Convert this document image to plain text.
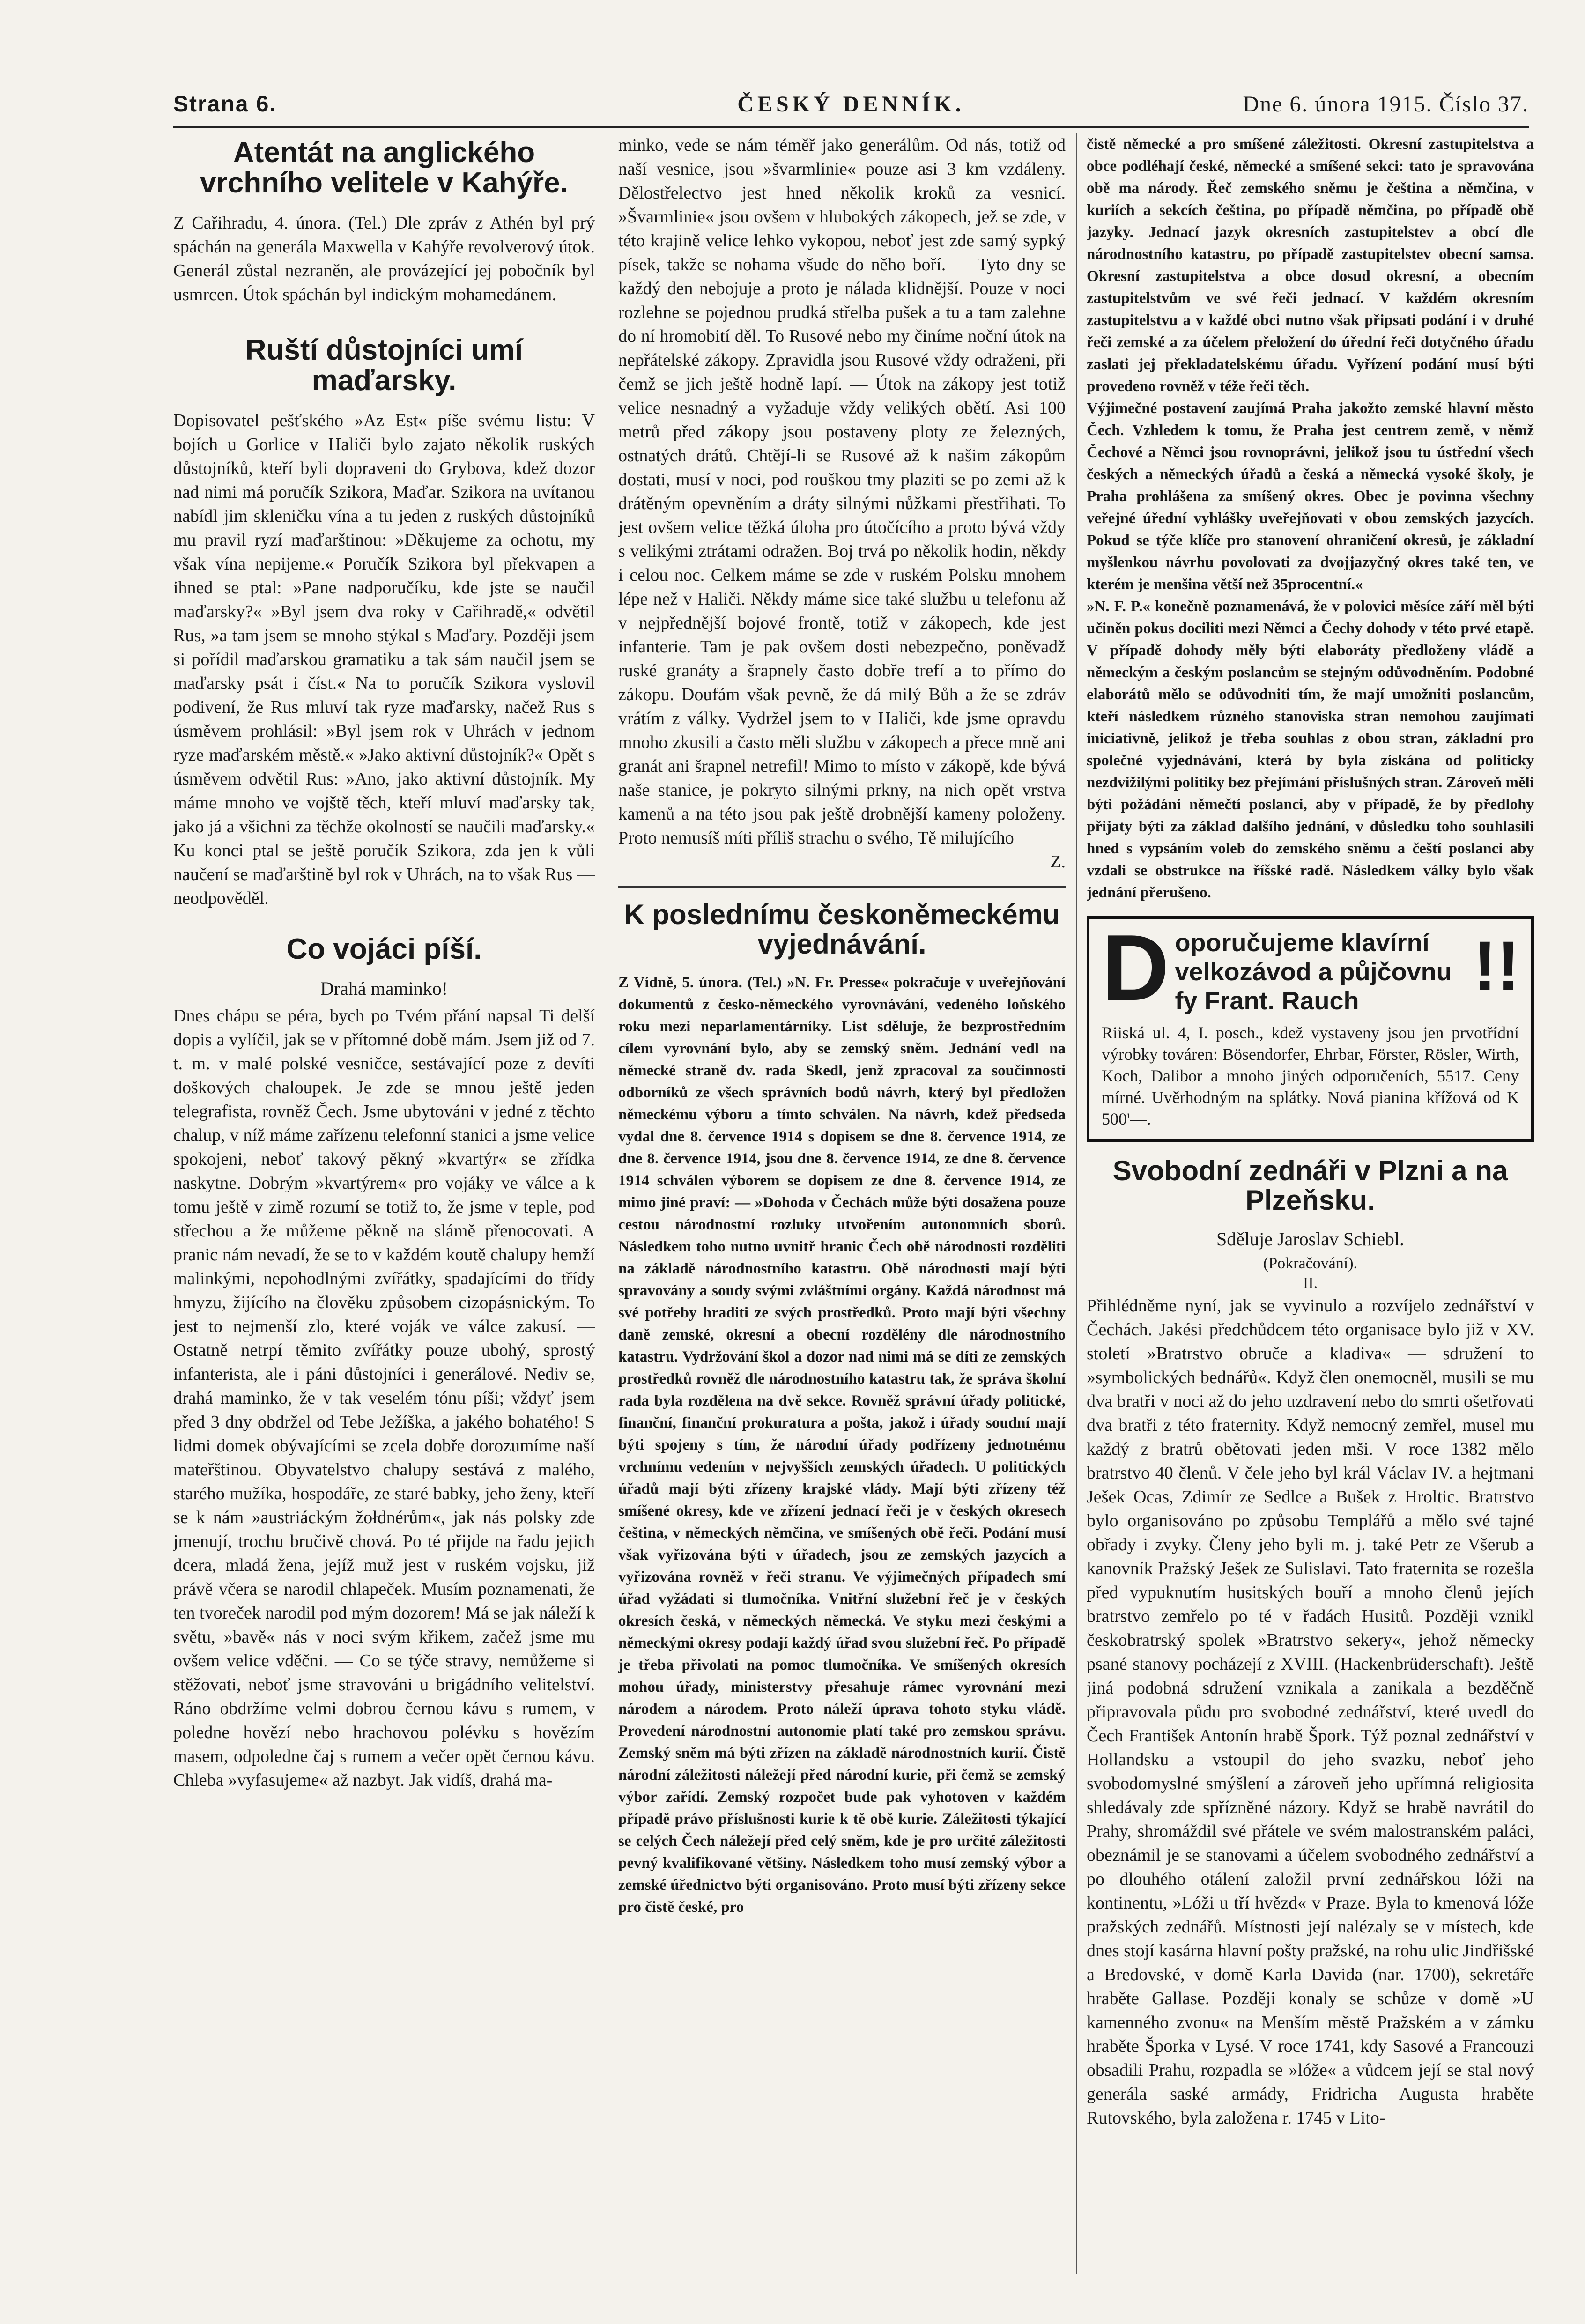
Strana 6.	ČESKÝ DENNÍK.	Dne 6. února 1915. Číslo 37.
Atentát na anglického vrchního velitele v Kahýře.

Z Cařihradu, 4. února. (Tel.) Dle zpráv z Athén byl prý spáchán na generála Maxwella v Kahýře revolverový útok. Generál zůstal nezraněn, ale provázející jej pobočník byl usmrcen. Útok spáchán byl indickým mohamedánem.

Ruští důstojníci umí maďarsky.

Dopisovatel pešťského »Az Est« píše svému listu: V bojích u Gorlice v Haliči bylo zajato několik ruských důstojníků, kteří byli dopraveni do Grybova, kdež dozor nad nimi má poručík Szikora, Maďar. Szikora na uvítanou nabídl jim skleničku vína a tu jeden z ruských důstojníků mu pravil ryzí maďarštinou: »Děkujeme za ochotu, my však vína nepijeme.« Poručík Szikora byl překvapen a ihned se ptal: »Pane nadporučíku, kde jste se naučil maďarsky?« »Byl jsem dva roky v Cařihradě,« odvětil Rus, »a tam jsem se mnoho stýkal s Maďary. Později jsem si pořídil maďarskou gramatiku a tak sám naučil jsem se maďarsky psát i číst.« Na to poručík Szikora vyslovil podivení, že Rus mluví tak ryze maďarsky, načež Rus s úsměvem prohlásil: »Byl jsem rok v Uhrách v jednom ryze maďarském městě.« »Jako aktivní důstojník?« Opět s úsměvem odvětil Rus: »Ano, jako aktivní důstojník. My máme mnoho ve vojště těch, kteří mluví maďarsky tak, jako já a všichni za těchže okolností se naučili maďarsky.« Ku konci ptal se ještě poručík Szikora, zda jen k vůli naučení se maďarštině byl rok v Uhrách, na to však Rus — neodpověděl.

Co vojáci píší.
Drahá maminko!

Dnes chápu se péra, bych po Tvém přání napsal Ti delší dopis a vylíčil, jak se v přítomné době mám. Jsem již od 7. t. m. v malé polské vesničce, sestávající poze z devíti doškových chaloupek. Je zde se mnou ještě jeden telegrafista, rovněž Čech. Jsme ubytováni v jedné z těchto chalup, v níž máme zařízenu telefonní stanici a jsme velice spokojeni, neboť takový pěkný »kvartýr« se zřídka naskytne. Dobrým »kvartýrem« pro vojáky ve válce a k tomu ještě v zimě rozumí se totiž to, že jsme v teple, pod střechou a že můžeme pěkně na slámě přenocovati. A pranic nám nevadí, že se to v každém koutě chalupy hemží malinkými, nepohodlnými zvířátky, spadajícími do třídy hmyzu, žijícího na člověku způsobem cizopásnickým. To jest to nejmenší zlo, které voják ve válce zakusí. — Ostatně netrpí těmito zvířátky pouze ubohý, sprostý infanterista, ale i páni důstojníci i generálové. Nediv se, drahá maminko, že v tak veselém tónu píši; vždyť jsem před 3 dny obdržel od Tebe Ježíška, a jakého bohatého! S lidmi domek obývajícími se zcela dobře dorozumíme naší mateřštinou. Obyvatelstvo chalupy sestává z malého, starého mužíka, hospodáře, ze staré babky, jeho ženy, kteří se k nám »austriáckým žołdnérům«, jak nás polsky zde jmenují, trochu bručivě chová. Po té přijde na řadu jejich dcera, mladá žena, jejíž muž jest v ruském vojsku, již právě včera se narodil chlapeček. Musím poznamenati, že ten tvoreček narodil pod mým dozorem! Má se jak náleží k světu, »bavě« nás v noci svým křikem, začež jsme mu ovšem velice vděčni. — Co se týče stravy, nemůžeme si stěžovati, neboť jsme stravováni u brigádního velitelství. Ráno obdržíme velmi dobrou černou kávu s rumem, v poledne hovězí nebo hrachovou polévku s hovězím masem, odpoledne čaj s rumem a večer opět černou kávu. Chleba »vyfasujeme« až nazbyt. Jak vidíš, drahá ma-

minko, vede se nám téměř jako generálům. Od nás, totiž od naší vesnice, jsou »švarmlinie« pouze asi 3 km vzdáleny. Dělostřelectvo jest hned několik kroků za vesnicí. »Švarmlinie« jsou ovšem v hlubokých zákopech, jež se zde, v této krajině velice lehko vykopou, neboť jest zde samý sypký písek, takže se nohama všude do něho boří. — Tyto dny se každý den nebojuje a proto je nálada klidnější. Pouze v noci rozlehne se pojednou prudká střelba pušek a tu a tam zalehne do ní hromobití děl. To Rusové nebo my činíme noční útok na nepřátelské zákopy. Zpravidla jsou Rusové vždy odraženi, při čemž se jich ještě hodně lapí. — Útok na zákopy jest totiž velice nesnadný a vyžaduje vždy velikých obětí. Asi 100 metrů před zákopy jsou postaveny ploty ze železných, ostnatých drátů. Chtějí-li se Rusové až k našim zákopům dostati, musí v noci, pod rouškou tmy plaziti se po zemi až k drátěným opevněním a dráty silnými nůžkami přestřihati. To jest ovšem velice těžká úloha pro útočícího a proto bývá vždy s velikými ztrátami odražen. Boj trvá po několik hodin, někdy i celou noc. Celkem máme se zde v ruském Polsku mnohem lépe než v Haliči. Někdy máme sice také službu u telefonu až v nejpřednější bojové frontě, totiž v zákopech, kde jest infanterie. Tam je pak ovšem dosti nebezpečno, poněvadž ruské granáty a šrapnely často dobře trefí a to přímo do zákopu. Doufám však pevně, že dá milý Bůh a že se zdráv vrátím z války. Vydržel jsem to v Haliči, kde jsme opravdu mnoho zkusili a často měli službu v zákopech a přece mně ani granát ani šrapnel netrefil! Mimo to místo v zákopě, kde bývá naše stanice, je pokryto silnými prkny, na nich opět vrstva kamenů a na této jsou pak ještě drobnější kameny položeny. Proto nemusíš míti příliš strachu o svého, Tě milujícího

Z.
K poslednímu českoněmeckému vyjednávání.

Z Vídně, 5. února. (Tel.) »N. Fr. Presse« pokračuje v uveřejňování dokumentů z česko-německého vyrovnávání, vedeného loňského roku mezi neparlamentárníky. List sděluje, že bezprostředním cílem vyrovnání bylo, aby se zemský sněm. Jednání vedl na německé straně dv. rada Skedl, jenž zpracoval za součinnosti odborníků ze všech správních bodů návrh, který byl předložen německému výboru a tímto schválen. Na návrh, kdež předseda vydal dne 8. července 1914 s dopisem se dne 8. července 1914, ze dne 8. července 1914, jsou dne 8. července 1914, ze dne 8. července 1914 schválen výborem se dopisem ze dne 8. července 1914, ze mimo jiné praví: — »Dohoda v Čechách může býti dosažena pouze cestou národnostní rozluky utvořením autonomních sborů. Následkem toho nutno uvnitř hranic Čech obě národnosti rozděliti na základě národnostního katastru. Obě národnosti mají býti spravovány a soudy svými zvláštními orgány. Každá národnost má své potřeby hraditi ze svých prostředků. Proto mají býti všechny daně zemské, okresní a obecní rozdělény dle národnostního katastru. Vydržování škol a dozor nad nimi má se díti ze zemských prostředků rovněž dle národnostního katastru tak, že správa školní rada byla rozdělena na dvě sekce. Rovněž správní úřady politické, finanční, finanční prokuratura a pošta, jakož i úřady soudní mají býti spojeny s tím, že národní úřady podřízeny jednotnému vrchnímu vedením v nejvyšších zemských úřadech. U politických úřadů mají býti zřízeny krajské vlády. Mají býti zřízeny též smíšené okresy, kde ve zřízení jednací řeči je v českých okresech čeština, v německých němčina, ve smíšených obě řeči. Podání musí však vyřizována býti v úřadech, jsou ze zemských jazycích a vyřizována rovněž v řeči stranu. Ve výjimečných případech smí úřad vyžádati si tlumočníka. Vnitřní služební řeč je v českých okresích česká, v německých německá. Ve styku mezi českými a německými okresy podají každý úřad svou služební řeč. Po případě je třeba přivolati na pomoc tlumočníka. Ve smíšených okresích mohou úřady, ministerstvy přesahuje rámec vyrovnání mezi národem a národem. Proto náleží úprava tohoto styku vládě. Provedení národnostní autonomie platí také pro zemskou správu. Zemský sněm má býti zřízen na základě národnostních kurií. Čistě národní záležitosti náležejí před národní kurie, při čemž se zemský výbor zařídí. Zemský rozpočet bude pak vyhotoven v každém případě právo příslušnosti kurie k tě obě kurie. Záležitosti týkající se celých Čech náležejí před celý sněm, kde je pro určité záležitosti pevný kvalifikované většiny. Následkem toho musí zemský výbor a zemské úřednictvo býti organisováno. Proto musí býti zřízeny sekce pro čistě české, pro

čistě německé a pro smíšené záležitosti. Okresní zastupitelstva a obce podléhají české, německé a smíšené sekci: tato je spravována obě ma národy. Řeč zemského sněmu je čeština a němčina, v kuriích a sekcích čeština, po případě němčina, po případě obě jazyky. Jednací jazyk okresních zastupitelstev a obcí dle národnostního katastru, po případě zastupitelstev obecní samsa. Okresní zastupitelstva a obce dosud okresní, a obecním zastupitelstvům ve své řeči jednací. V každém okresním zastupitelstvu a v každé obci nutno však připsati podání i v druhé řeči zemské a za účelem přeložení do úřední řeči dotyčného úřadu zaslati jej překladatelskému úřadu. Vyřízení podání musí býti provedeno rovněž v téže řeči těch.

Výjimečné postavení zaujímá Praha jakožto zemské hlavní město Čech. Vzhledem k tomu, že Praha jest centrem země, v němž Čechové a Němci jsou rovnoprávni, jelikož jsou tu ústřední všech českých a německých úřadů a česká a německá vysoké školy, je Praha prohlášena za smíšený okres. Obec je povinna všechny veřejné úřední vyhlášky uveřejňovati v obou zemských jazycích. Pokud se týče klíče pro stanovení ohraničení okresů, je základní myšlenkou návrhu povolovati za dvojjazyčný okres také ten, ve kterém je menšina větší než 35procentní.«

»N. F. P.« konečně poznamenává, že v polovici měsíce září měl býti učiněn pokus dociliti mezi Němci a Čechy dohody v této prvé etapě. V případě dohody měly býti elaboráty předloženy vládě a německým a českým poslancům se stejným odůvodněním. Podobné elaborátů mělo se odůvodniti tím, že mají umožniti poslancům, kteří následkem různého stanoviska stran nemohou zaujímati iniciativně, jelikož je třeba souhlas z obou stran, základní pro společné vyjednávání, která by byla získána od politicky nezdvižilými politiky bez přejímání příslušných stran. Zároveň měli býti požádáni němečtí poslanci, aby v případě, že by předlohy přijaty býti za základ dalšího jednání, v důsledku toho souhlasili hned s vypsáním voleb do zemského sněmu a čeští poslanci aby vzdali se obstrukce na říšské radě. Následkem války bylo však jednání přerušeno.

D	!!
oporučujeme klavírní velkozávod a půjčovnu fy Frant. Rauch
Riiská ul. 4, I. posch., kdež vystaveny jsou jen prvotřídní výrobky továren: Bösendorfer, Ehrbar, Förster, Rösler, Wirth, Koch, Dalibor a mnoho jiných odporučeních, 5517. Ceny mírné. Uvěrhodným na splátky. Nová pianina křížová od K 500'—.
Svobodní zednáři v Plzni a na Plzeňsku.
Sděluje Jaroslav Schiebl.
(Pokračování).
II.

Přihlédněme nyní, jak se vyvinulo a rozvíjelo zednářství v Čechách. Jakési předchůdcem této organisace bylo již v XV. století »Bratrstvo obruče a kladiva« — sdružení to »symbolických bednářů«. Když člen onemocněl, musili se mu dva bratři v noci až do jeho uzdravení nebo do smrti ošetřovati dva bratři z této fraternity. Když nemocný zemřel, musel mu každý z bratrů obětovati jeden mši. V roce 1382 mělo bratrstvo 40 členů. V čele jeho byl král Václav IV. a hejtmani Ješek Ocas, Zdimír ze Sedlce a Bušek z Hroltic. Bratrstvo bylo organisováno po způsobu Templářů a mělo své tajné obřady i zvyky. Členy jeho byli m. j. také Petr ze Všerub a kanovník Pražský Ješek ze Sulislavi. Tato fraternita se rozešla před vypuknutím husitských bouří a mnoho členů jejích bratrstvo zemřelo po té v řadách Husitů. Později vznikl českobratrský spolek »Bratrstvo sekery«, jehož německy psané stanovy pocházejí z XVIII. (Hackenbrüderschaft). Ještě jiná podobná sdružení vznikala a zanikala a bezděčně připravovala půdu pro svobodné zednářství, které uvedl do Čech František Antonín hrabě Špork. Týž poznal zednářství v Hollandsku a vstoupil do jeho svazku, neboť jeho svobodomyslné smýšlení a zároveň jeho upřímná religiosita shledávaly zde spřízněné názory. Když se hrabě navrátil do Prahy, shromáždil své přátele ve svém malostranském paláci, obeznámil je se stanovami a účelem svobodného zednářství a po dlouhého otálení založil první zednářskou lóži na kontinentu, »Lóži u tří hvězd« v Praze. Byla to kmenová lóže pražských zednářů. Místnosti její nalézaly se v místech, kde dnes stojí kasárna hlavní pošty pražské, na rohu ulic Jindřišské a Bredovské, v domě Karla Davida (nar. 1700), sekretáře hraběte Gallase. Později konaly se schůze v domě »U kamenného zvonu« na Menším městě Pražském a v zámku hraběte Šporka v Lysé. V roce 1741, kdy Sasové a Francouzi obsadili Prahu, rozpadla se »lóže« a vůdcem její se stal nový generála saské armády, Fridricha Augusta hraběte Rutovského, byla založena r. 1745 v Lito-
